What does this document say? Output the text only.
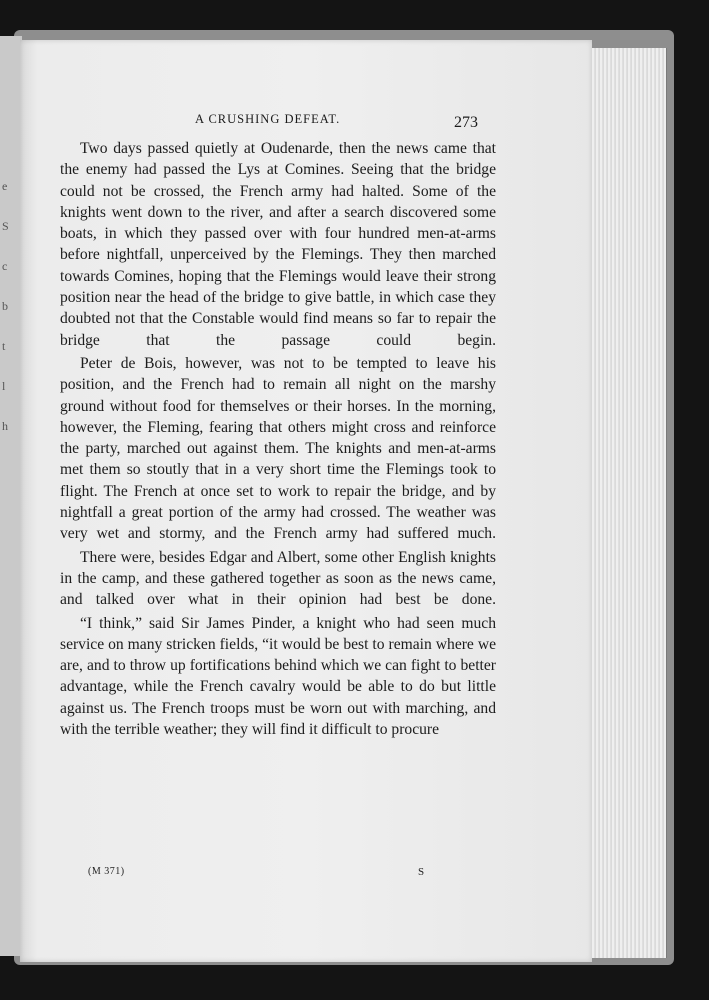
e
S
c
b
t
l
h
A CRUSHING DEFEAT.	273

Two days passed quietly at Oudenarde, then the news came that the enemy had passed the Lys at Comines. Seeing that the bridge could not be crossed, the French army had halted. Some of the knights went down to the river, and after a search discovered some boats, in which they passed over with four hundred men-at-arms before nightfall, unperceived by the Flemings. They then marched towards Comines, hoping that the Flemings would leave their strong position near the head of the bridge to give battle, in which case they doubted not that the Constable would find means so far to repair the bridge that the passage could begin.

Peter de Bois, however, was not to be tempted to leave his position, and the French had to remain all night on the marshy ground without food for themselves or their horses. In the morning, however, the Fleming, fearing that others might cross and reinforce the party, marched out against them. The knights and men-at-arms met them so stoutly that in a very short time the Flemings took to flight. The French at once set to work to repair the bridge, and by nightfall a great portion of the army had crossed. The weather was very wet and stormy, and the French army had suffered much.

There were, besides Edgar and Albert, some other English knights in the camp, and these gathered together as soon as the news came, and talked over what in their opinion had best be done.

“I think,” said Sir James Pinder, a knight who had seen much service on many stricken fields, “it would be best to remain where we are, and to throw up fortifications behind which we can fight to better advantage, while the French cavalry would be able to do but little against us. The French troops must be worn out with marching, and with the terrible weather; they will find it difficult to procure

(M 371)	S
